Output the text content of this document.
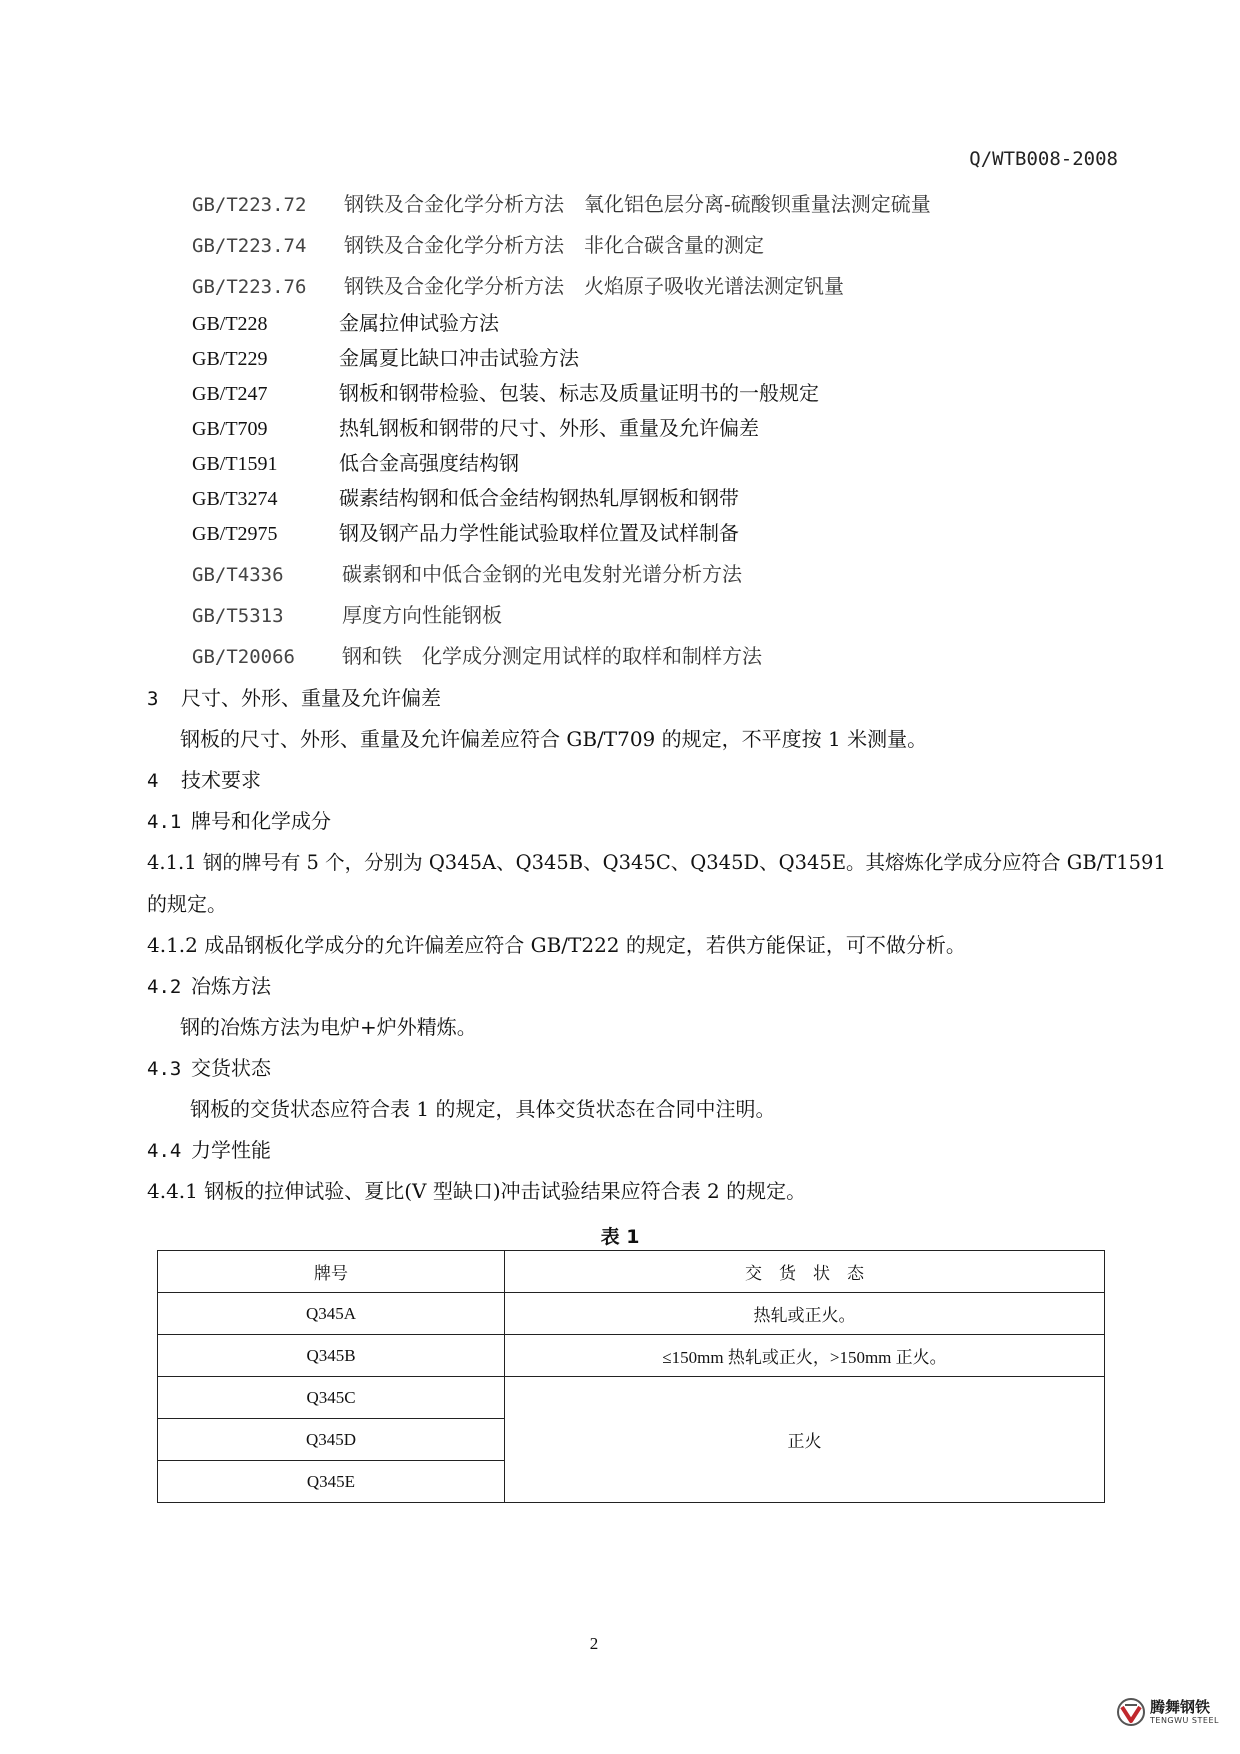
Q/WTB008-2008
GB/T223.72 钢铁及合金化学分析方法　氧化铝色层分离-硫酸钡重量法测定硫量
GB/T223.74 钢铁及合金化学分析方法　非化合碳含量的测定
GB/T223.76 钢铁及合金化学分析方法　火焰原子吸收光谱法测定钒量
GB/T228	金属拉伸试验方法
GB/T229	金属夏比缺口冲击试验方法
GB/T247	钢板和钢带检验、包装、标志及质量证明书的一般规定
GB/T709	热轧钢板和钢带的尺寸、外形、重量及允许偏差
GB/T1591	低合金高强度结构钢
GB/T3274	碳素结构钢和低合金结构钢热轧厚钢板和钢带
GB/T2975	钢及钢产品力学性能试验取样位置及试样制备
GB/T4336	碳素钢和中低合金钢的光电发射光谱分析方法
GB/T5313	厚度方向性能钢板
GB/T20066 钢和铁　化学成分测定用试样的取样和制样方法
3 尺寸、外形、重量及允许偏差
钢板的尺寸、外形、重量及允许偏差应符合 GB/T709 的规定，不平度按 1 米测量。
4 技术要求
4.1 牌号和化学成分
4.1.1 钢的牌号有 5 个，分别为 Q345A、Q345B、Q345C、Q345D、Q345E。其熔炼化学成分应符合 GB/T1591
的规定。
4.1.2 成品钢板化学成分的允许偏差应符合 GB/T222 的规定，若供方能保证，可不做分析。
4.2 冶炼方法
钢的冶炼方法为电炉+炉外精炼。
4.3 交货状态
钢板的交货状态应符合表 1 的规定，具体交货状态在合同中注明。
4.4 力学性能
4.4.1 钢板的拉伸试验、夏比(V 型缺口)冲击试验结果应符合表 2 的规定。
表 1
牌号	交　货　状　态
Q345A	热轧或正火。
Q345B	≤150mm 热轧或正火，>150mm 正火。
Q345C	正火
Q345D	
Q345E	
2
腾舞钢铁
TENGWU STEEL
